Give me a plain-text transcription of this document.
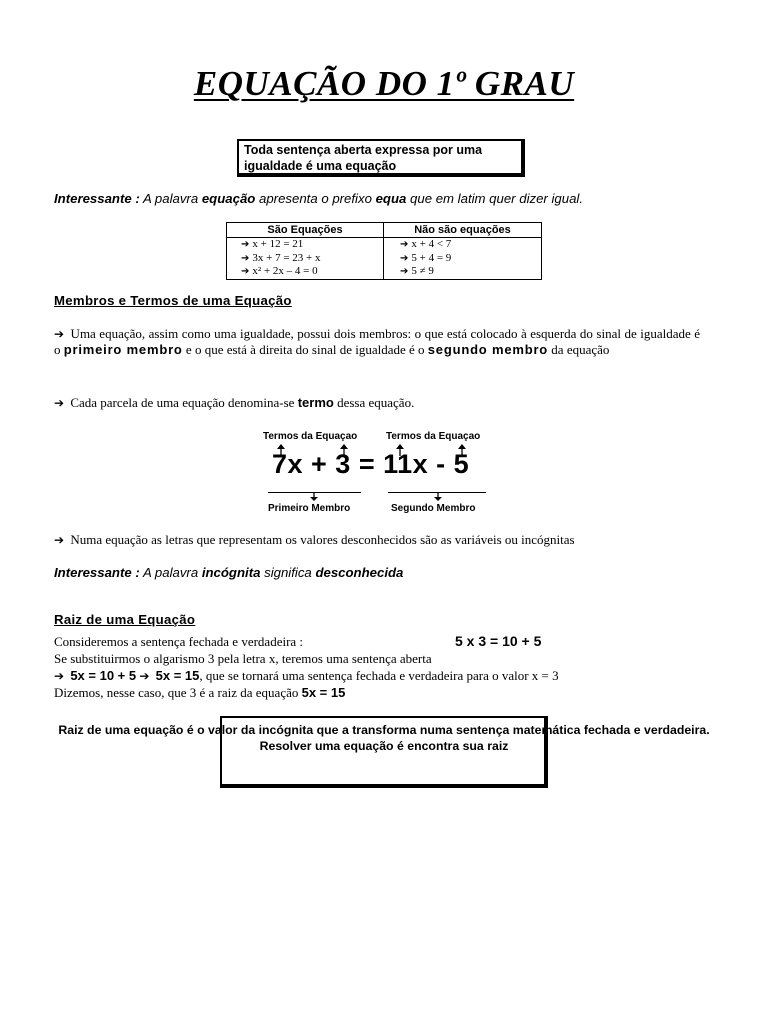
EQUAÇÃO DO 1º GRAU
Toda sentença aberta expressa por uma
igualdade é uma equação
Interessante : A palavra equação apresenta o prefixo equa que em latim quer dizer igual.
São Equações	Não são equações
➔ x + 12 = 21	➔ x + 4 < 7
➔ 3x + 7 = 23 + x	➔ 5 + 4 = 9
➔ x² + 2x – 4 = 0	➔ 5 ≠ 9
Membros e Termos de uma Equação
➔ Uma equação, assim como uma igualdade, possui dois membros: o que está colocado à esquerda do sinal de igualdade é o primeiro membro e o que está à direita do sinal de igualdade é o segundo membro da equação
➔ Cada parcela de uma equação denomina-se termo dessa equação.
Termos da Equaçao	Termos da Equaçao
7x + 3 = 11x - 5
Primeiro Membro	Segundo Membro
➔ Numa equação as letras que representam os valores desconhecidos são as variáveis ou incógnitas
Interessante : A palavra incógnita significa desconhecida
Raiz de uma Equação
Consideremos a sentença fechada e verdadeira :	5 x 3 = 10 + 5
Se substituirmos o algarismo 3 pela letra x, teremos uma sentença aberta
➔ 5x = 10 + 5 ➔ 5x = 15, que se tornará uma sentença fechada e verdadeira para o valor x = 3
Dizemos, nesse caso, que 3 é a raiz da equação 5x = 15
Raiz de uma equação é o valor da incógnita que a transforma numa sentença matemática fechada e verdadeira.
Resolver uma equação é encontra sua raiz
